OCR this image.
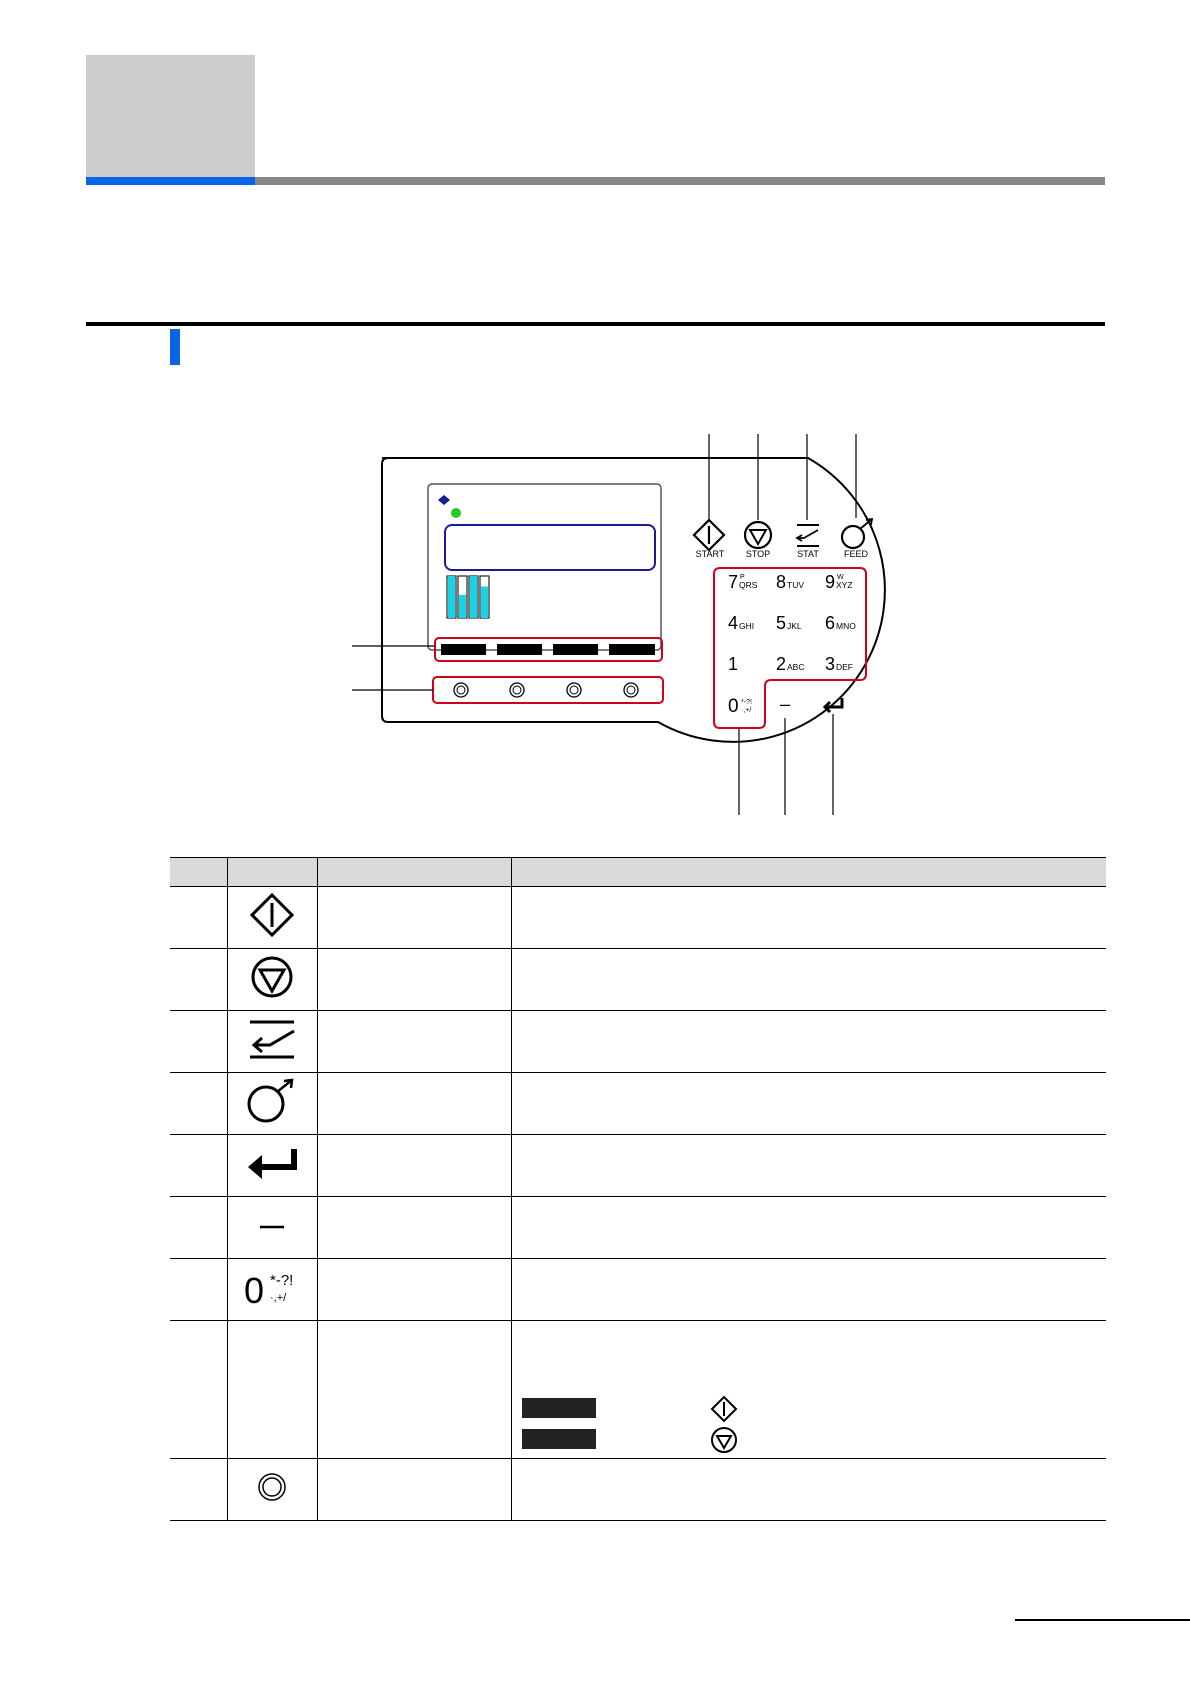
START STOP	STAT	FEED
7 P
QRS 8 TUV 9 W
XYZ
4 GHI 5 JKL 6 MNO
1 2 ABC 3 DEF
0 *-?!
·,+/ –

0 *-?!
·,+/		
